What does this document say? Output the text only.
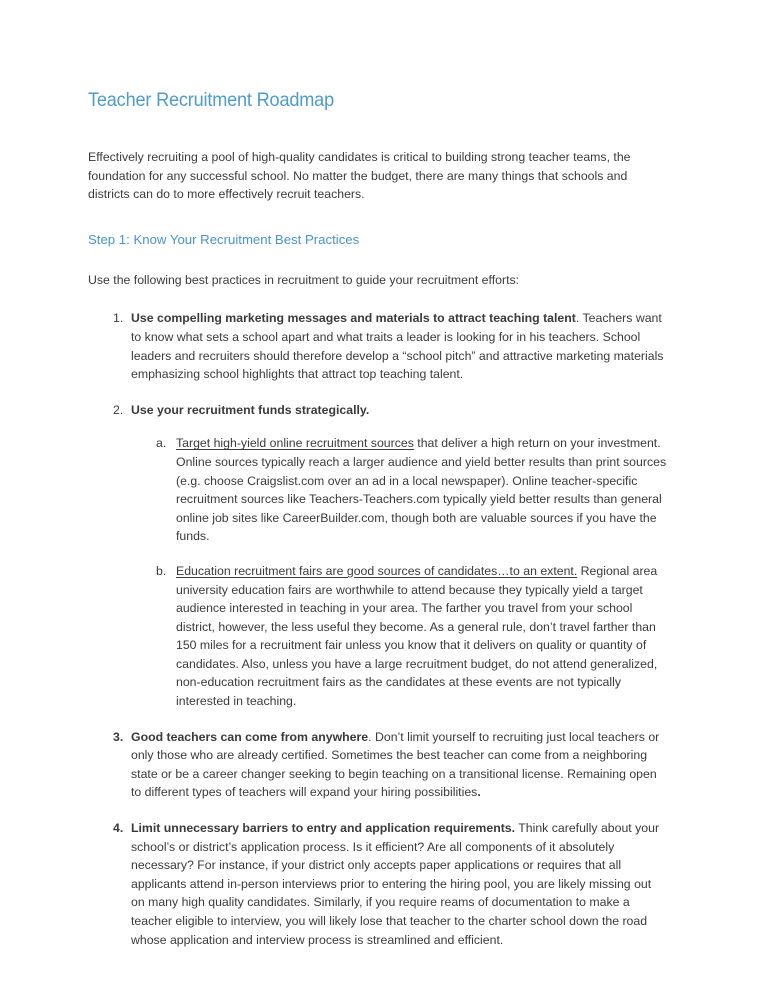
Teacher Recruitment Roadmap

Effectively recruiting a pool of high-quality candidates is critical to building strong teacher teams, the foundation for any successful school. No matter the budget, there are many things that schools and districts can do to more effectively recruit teachers.

Step 1: Know Your Recruitment Best Practices

Use the following best practices in recruitment to guide your recruitment efforts:

1. Use compelling marketing messages and materials to attract teaching talent. Teachers want to know what sets a school apart and what traits a leader is looking for in his teachers. School leaders and recruiters should therefore develop a “school pitch” and attractive marketing materials emphasizing school highlights that attract top teaching talent.
2. Use your recruitment funds strategically.
a. Target high-yield online recruitment sources that deliver a high return on your investment. Online sources typically reach a larger audience and yield better results than print sources (e.g. choose Craigslist.com over an ad in a local newspaper). Online teacher-specific recruitment sources like Teachers-Teachers.com typically yield better results than general online job sites like CareerBuilder.com, though both are valuable sources if you have the funds.
b. Education recruitment fairs are good sources of candidates…to an extent. Regional area university education fairs are worthwhile to attend because they typically yield a target audience interested in teaching in your area. The farther you travel from your school district, however, the less useful they become. As a general rule, don’t travel farther than 150 miles for a recruitment fair unless you know that it delivers on quality or quantity of candidates. Also, unless you have a large recruitment budget, do not attend generalized, non-education recruitment fairs as the candidates at these events are not typically interested in teaching.
3. Good teachers can come from anywhere. Don’t limit yourself to recruiting just local teachers or only those who are already certified. Sometimes the best teacher can come from a neighboring state or be a career changer seeking to begin teaching on a transitional license. Remaining open to different types of teachers will expand your hiring possibilities.
4. Limit unnecessary barriers to entry and application requirements. Think carefully about your school’s or district’s application process. Is it efficient? Are all components of it absolutely necessary? For instance, if your district only accepts paper applications or requires that all applicants attend in-person interviews prior to entering the hiring pool, you are likely missing out on many high quality candidates. Similarly, if you require reams of documentation to make a teacher eligible to interview, you will likely lose that teacher to the charter school down the road whose application and interview process is streamlined and efficient.
